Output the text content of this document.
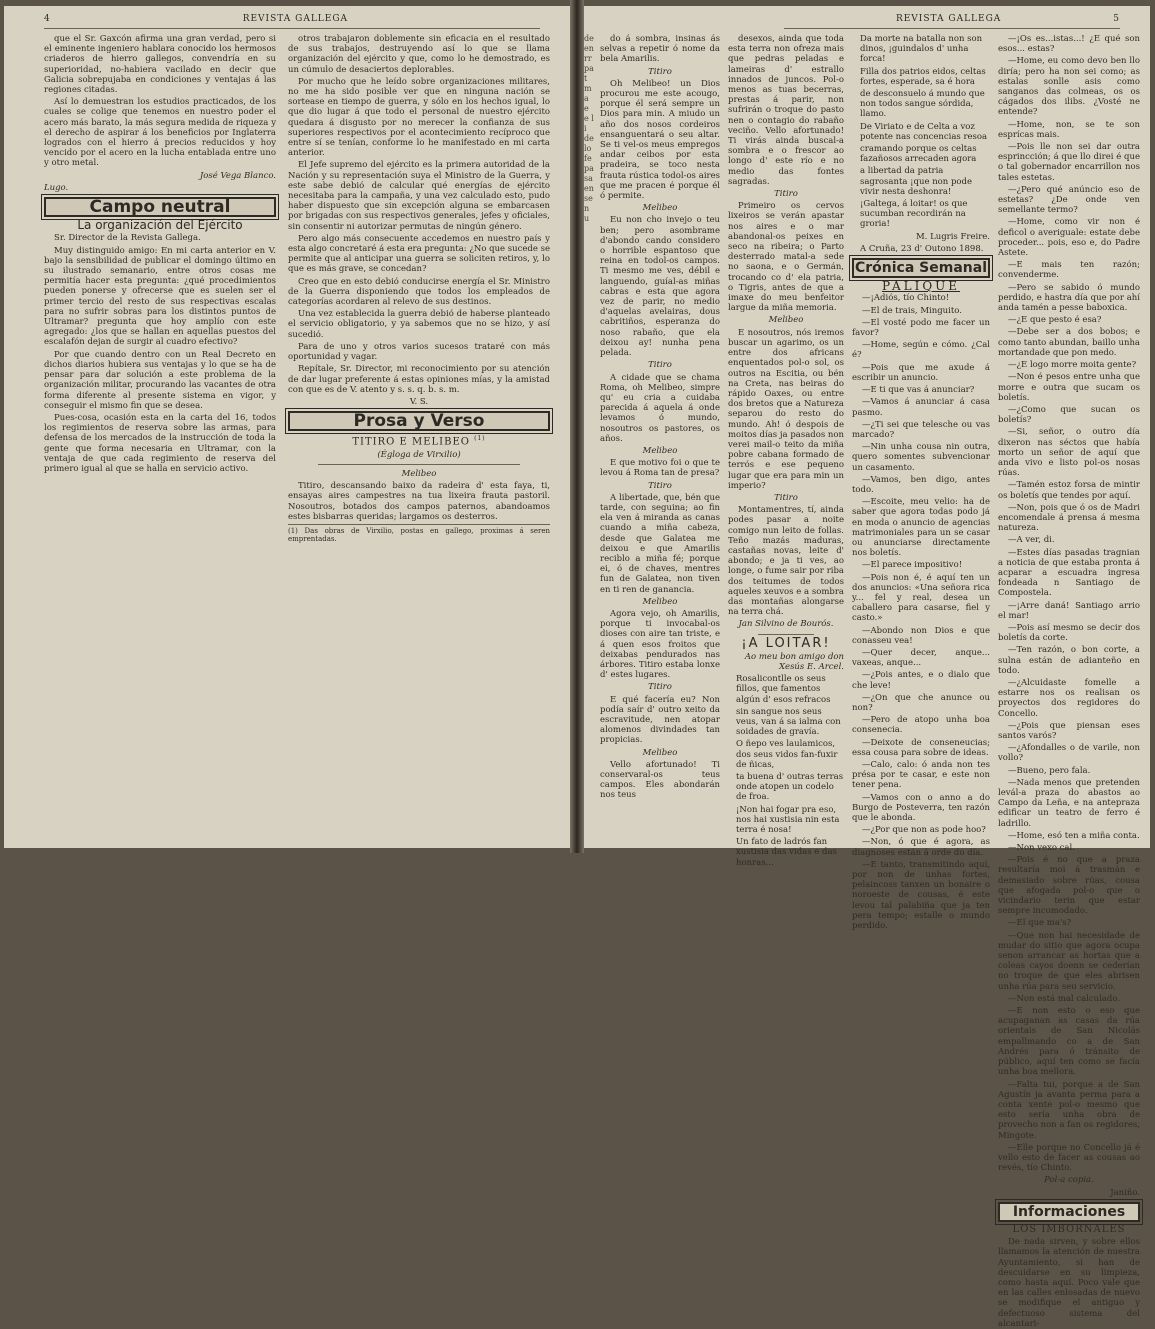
4	REVISTA GALLEGA

que el Sr. Gaxcón afirma una gran verdad, pero si el eminente ingeniero hablara conocido los hermosos criaderos de hierro gallegos, convendría en su superioridad, no-habiera vacilado en decir que Galicia sobrepujaba en condiciones y ventajas á las regiones citadas.

Así lo demuestran los estudios practicados, de los cuales se colige que tenemos en nuestro poder el acero más barato, la más segura medida de riqueza y el derecho de aspirar á los beneficios por Inglaterra logrados con el hierro á precios reducidos y hoy vencido por el acero en la lucha entablada entre uno y otro metal.

José Vega Blanco.

Lugo.

Campo neutral
La organización del Ejército

Sr. Director de la Revista Gallega.

Muy distinguido amigo: En mi carta anterior en V. bajo la sensibilidad de publicar el domingo último en su ilustrado semanario, entre otros cosas me permitía hacer esta pregunta: ¿qué procedimientos pueden ponerse y ofrecerse que es suelen ser el primer tercio del resto de sus respectivas escalas para no sufrir sobras para los distintos puntos de Ultramar? pregunta que hoy amplío con este agregado: ¿los que se hallan en aquellas puestos del escalafón dejan de surgir al cuadro efectivo?

Por que cuando dentro con un Real Decreto en dichos diarios hubiera sus ventajas y lo que se ha de pensar para dar solución a este problema de la organización militar, procurando las vacantes de otra forma diferente al presente sistema en vigor, y conseguir el mismo fin que se desea.

Pues-cosa, ocasión esta en la carta del 16, todos los regimientos de reserva sobre las armas, para defensa de los mercados de la instrucción de toda la gente que forma necesaria en Ultramar, con la ventaja de que cada regimiento de reserva del primero igual al que se halla en servicio activo.

otros trabajaron doblemente sin eficacia en el resultado de sus trabajos, destruyendo así lo que se llama organización del ejército y que, como lo he demostrado, es un cúmulo de desaciertos deplorables.

Por mucho que he leído sobre organizaciones militares, no me ha sido posible ver que en ninguna nación se sortease en tiempo de guerra, y sólo en los hechos igual, lo que dio lugar á que todo el personal de nuestro ejército quedara á disgusto por no merecer la confianza de sus superiores respectivos por el acontecimiento recíproco que entre sí se tenían, conforme lo he manifestado en mi carta anterior.

El Jefe supremo del ejército es la primera autoridad de la Nación y su representación suya el Ministro de la Guerra, y este sabe debió de calcular qué energías de ejército necesitaba para la campaña, y una vez calculado esto, pudo haber dispuesto que sin excepción alguna se embarcasen por brigadas con sus respectivos generales, jefes y oficiales, sin consentir ni autorizar permutas de ningún género.

Pero algo más consecuente accedemos en nuestro país y esta algo concretaré á esta era pregunta: ¿No que sucede se permite que al anticipar una guerra se soliciten retiros, y, lo que es más grave, se concedan?

Creo que en esto debió conducirse energía el Sr. Ministro de la Guerra disponiendo que todos los empleados de categorías acordaren al relevo de sus destinos.

Una vez establecida la guerra debió de haberse planteado el servicio obligatorio, y ya sabemos que no se hizo, y así sucedió.

Para de uno y otros varios sucesos trataré con más oportunidad y vagar.

Repítale, Sr. Director, mi reconocimiento por su atención de dar lugar preferente á estas opiniones mías, y la amistad con que es de V. atento y s. s. q. b. s. m.

V. S.

Prosa y Verso
TITIRO E MELIBEO $^{(1)}$
(Égloga de Virxilio)
Melibeo

Titiro, descansando baixo da radeira d' esta faya, ti, ensayas aires campestres na tua lixeira frauta pastoril. Nosoutros, botados dos campos paternos, abandoamos estes bisbarras queridas; largamos os desterros.

(1) Das obras de Virxilio, postas en gallego, proximas á seren emprentadas.
REVISTA GALLEGA	5
de en rr pa tm a e e li de lo fe pa sa en se nu

do á sombra, insinas ás selvas a repetir ó nome da bela Amarilis.

Titiro

Oh Melibeo! un Dios procurou me este acougo, porque él será sempre un Dios para min. A miudo un año dos nosos cordeiros ensanguentará o seu altar. Se ti vel-os meus empregos andar ceibos por esta pradeira, se toco nesta frauta rústica todol-os aires que me pracen é porque él ó permite.

Melibeo

Eu non cho invejo o teu ben; pero asombrame d'abondo cando considero o horrible espantoso que reina en todol-os campos. Ti mesmo me ves, débil e languendo, guíal-as miñas cabras e esta que agora vez de parir, no medio d'aquelas avelairas, dous cabritiños, esperanza do noso rabaño, que ela deixou ay! nunha pena pelada.

Titiro

A cidade que se chama Roma, oh Melibeo, simpre qu' eu cria a cuidaba parecida á aquela á onde levamos ó mundo, nosoutros os pastores, os años.

Melibeo

E que motivo foi o que te levou á Roma tan de presa?

Titiro

A libertade, que, bén que tarde, con seguina; ao fin ela ven á miranda as canas cuando a miña cabeza, desde que Galatea me deixou e que Amarilis reciblo a miña fé; porque ei, ó de chaves, mentres fun de Galatea, non tiven en ti ren de ganancia.

Melibeo

Agora vejo, oh Amarilis, porque ti invocabal-os dioses con aire tan triste, e á quen esos froitos que deixabas pendurados nas árbores. Titiro estaba lonxe d' estes lugares.

Titiro

E qué facería eu? Non podía saír d' outro xeito da escravitude, nen atopar alomenos divindades tan propicias.

Melibeo

Vello afortunado! Ti conservaral-os teus campos. Eles abondarán nos teus

desexos, ainda que toda esta terra non ofreza mais que pedras peladas e lameiras d' estrallo innados de juncos. Pol-o menos as tuas becerras, prestas á parir, non sufrirán o troque do pasto nen o contagio do rabaño veciño. Vello afortunado! Ti virás ainda buscal-a sombra e o frescor ao longo d' este río e no medio das fontes sagradas.

Titiro

Primeiro os cervos lixeiros se verán apastar nos aires e o mar abandonal-os peixes en seco na ribeira; o Parto desterrado matal-a sede no saona, e o Germán, trocando co d' ela patria, o Tigris, antes de que a imaxe do meu benfeitor largue da miña memoria.

Melibeo

E nosoutros, nós iremos buscar un agarimo, os un entre dos africans enquentados pol-o sol, os outros na Escitia, ou bén na Creta, nas beiras do rápido Oaxes, ou entre dos bretos que a Natureza separou do resto do mundo. Ah! ó despois de moitos días ja pasados non verei mail-o teito da miña pobre cabana formado de terrós e ese pequeno lugar que era para min un imperio?

Titiro

Montamentres, tí, ainda podes pasar a noite comigo nun leito de follas. Teño mazás maduras, castañas novas, leite d' abondo; e ja ti ves, ao longe, o fume sair por riba dos teitumes de todos aqueles xeuvos e a sombra das montañas alongarse na terra chá.

Jan Silvino de Bourós.

¡A LOITAR!

Ao meu bon amigo don Xesús E. Arcel.

Rosalicontlle os seus fillos, que famentos algún d' esos refracos

sin sangue nos seus veus, van á sa ialma con soidades de gravía.

O ñepo ves laulamicos, dos seus vidos fan-fuxir de ñicas,

ta buena d' outras terras onde atopen un codelo de froa.

¡Non hai fogar pra eso, nos hai xustisia nin esta terra é nosa!

Un fato de ladrós fan xustisia das vidas e das honras...

Da morte na batalla non son dinos, ¡guindalos d' unha forca!

Filla dos patrios eidos, celtas fortes, esperade, sa é hora

de desconsuelo á mundo que non todos sangue sórdida, llamo.

De Viriato e de Celta a voz potente nas concencias resoa

cramando porque os celtas fazañosos arrecaden agora

a libertad da patria sagrosanta ¡que non pode vivir nesta deshonra!

¡Galtega, á loitar! os que sucumban recordirán na groria!

M. Lugris Freire.

A Cruña, 23 d' Outono 1898.

Crónica Semanal
PALIQUE

—¡Adiós, tío Chinto!

—El de trais, Minguito.

—El vosté podo me facer un favor?

—Home, según e cómo. ¿Cal é?

—Pois que me axude á escribir un anuncio.

—E ti que vas á anunciar?

—Vamos á anunciar á casa pasmo.

—¿Ti sei que telesche ou vas marcado?

—Nin unha cousa nin outra, quero somentes subvencionar un casamento.

—Vamos, ben digo, antes todo.

—Escoite, meu velio: ha de saber que agora todas podo já en moda o anuncio de agencias matrimoniales para un se casar ou anunciarse directamente nos boletís.

—El parece impositivo!

—Pois non é, é aquí ten un dos anuncios: «Una señora rica y... fel y real, desea un caballero para casarse, fiel y casto.»

—Abondo non Dios e que conasseu vea!

—Quer decer, anque... vaxeas, anque...

—¿Pois antes, e o dialo que che leve!

—¿On que che anunce ou non?

—Pero de atopo unha boa consenecia.

—Deixote de conseneucias; essa cousa para sobre de ideas.

—Calo, calo: ó anda non tes présa por te casar, e este non tener pena.

—Vamos con o anno a do Burgo de Posteverra, ten razón que le abonda.

—¿Por que non as pode hoo?

—Non, ó que é agora, as diagnoses están á orde do día.

—E tanto, transmitindo aquí, por non de unhas fortes, pelaincoss tanxen un bonaire o noroeste de cousas, é este levou tal palabiña que ja ten pera tempo; estalle o mundo perdido.

—¡Os es...istas...! ¿E qué son esos... estas?

—Home, eu como devo ben llo diría; pero ha non sei como; as estalas sonlle asis como sanganos das colmeas, os os cágados dos ilibs. ¿Vosté ne entende?

—Home, non, se te son esprícas mais.

—Pois lle non sei dar outra esprincción; á que llo direi é que o tal gobernador encarrillon nos tales estetas.

—¿Pero qué anúncio eso de estetas? ¿De onde ven semellante termo?

—Home, como vir non é deficol o averiguale: estate debe proceder... pois, eso e, do Padre Astete.

—E mais ten razón; convenderme.

—Pero se sabido ó mundo perdido, e hastra día que por ahí anda tamén a pesse baboxica.

—¿E que pesto é esa?

—Debe ser a dos bobos; e como tanto abundan, baillo unha mortandade que pon medo.

—¿E logo morre moita gente?

—Non é pesos entre unha que morre e outra que sucam os boletís.

—¿Como que sucan os boletís?

—Si, señor, o outro día dixeron nas séctos que había morto un señor de aquí que anda vivo e listo pol-os nosas rúas.

—Tamén estoz forsa de mintir os boletís que tendes por aquí.

—Non, pois que ó os de Madri encomendale á prensa á mesma natureza.

—A ver, di.

—Estes días pasadas tragnian a noticia de que estaba pronta á acparar a escuadra ingresa fondeada n Santiago de Compostela.

—¡Arre daná! Santiago arrio el mar!

—Pois así mesmo se decir dos boletís da corte.

—Ten razón, o bon corte, a sulna están de adianteño en todo.

—¿Alcuidaste fomelle a estarre nos os realisan os proyectos dos regidores do Concello.

—¿Pois que piensan eses santos varós?

—¿Afondalles o de varile, non vollo?

—Bueno, pero fala.

—Nada menos que pretenden levál-a praza do abastos ao Campo da Leña, e na antepraza edificar un teatro de ferro é ladrillo.

—Home, esó ten a miña conta.

—Non vexo cal.

—Pois é no que a praza resultaría moi á trasmán e demasiado sobre rúas, cousa que afogada pol-o que o vicindario terin que estar sempre incomodado.

—El que ma's?

—Que non hai necesidade de mudar do sitio que agora ocupa senon arrancar as hortas que a coleas cayos doenn se cederían no troque de que eles abrisen unha rúa para seu servicio.

—Non está mal calculado.

—E non esto o eso que acupaganan as casas da rúa orientais de San Nicolás empallmando co a de San Andrés para ó tránsito de público, aquí ten como se facía unha boa mellora.

—Falta tui, porque a de San Agustín ja avanta perma para a conta xente pol-o mesmo que esto sería unha obra de provecho non a fan os regidores, Mingote.

—Elle porque no Concello já é vello esto de facer as cousas ao revés, tío Chinto.

Pol-a copia.

Janiño.

Informaciones
LOS IMBORNALES

De nada sirven, y sobre ellos llamamos la atención de nuestra Ayuntamiento, si han de descuidarse en su limpieza, como hasta aquí. Poco vale que en las calles enlosadas de nuevo se modifique el antiguo y defectuoso sistema del alcantari-
